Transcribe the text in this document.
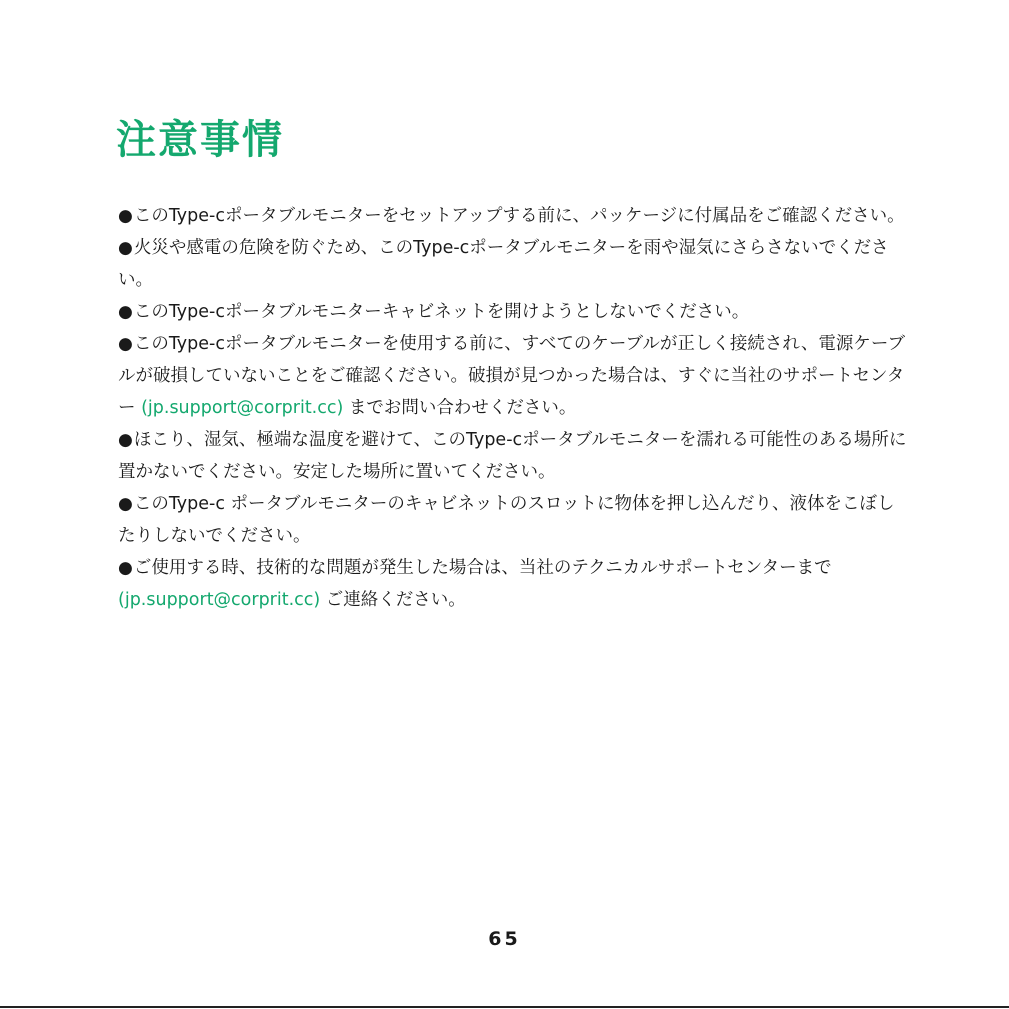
注意事情
●このType-cポータブルモニターをセットアップする前に、パッケージに付属品をご確認ください。
●火災や感電の危険を防ぐため、このType-cポータブルモニターを雨や湿気にさらさないでください。
●このType-cポータブルモニターキャビネットを開けようとしないでください。
●このType-cポータブルモニターを使用する前に、すべてのケーブルが正しく接続され、電源ケーブルが破損していないことをご確認ください。破損が見つかった場合は、すぐに当社のサポートセンター (jp.support@corprit.cc) までお問い合わせください。
●ほこり、湿気、極端な温度を避けて、このType-cポータブルモニターを濡れる可能性のある場所に置かないでください。安定した場所に置いてください。
●このType-c ポータブルモニターのキャビネットのスロットに物体を押し込んだり、液体をこぼしたりしないでください。
●ご使用する時、技術的な問題が発生した場合は、当社のテクニカルサポートセンターまで
(jp.support@corprit.cc) ご連絡ください。
65
